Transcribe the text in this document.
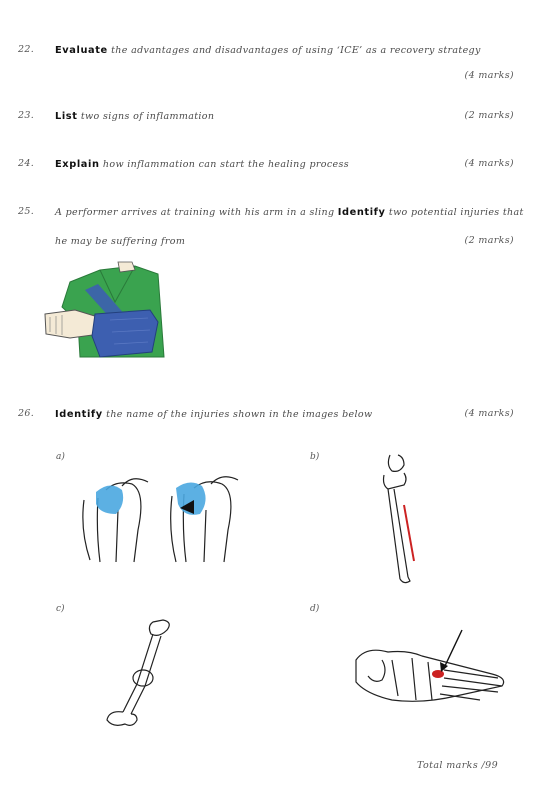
22. Evaluate the advantages and disadvantages of using ‘ICE’ as a recovery strategy
(4 marks)
23. List two signs of inflammation	(2 marks)
24. Explain how inflammation can start the healing process	(4 marks)
25. A performer arrives at training with his arm in a sling Identify two potential injuries that he may be suffering from	(2 marks)
26. Identify the name of the injuries shown in the images below	(4 marks)
a)	b)
c)	d)
Total marks /99
